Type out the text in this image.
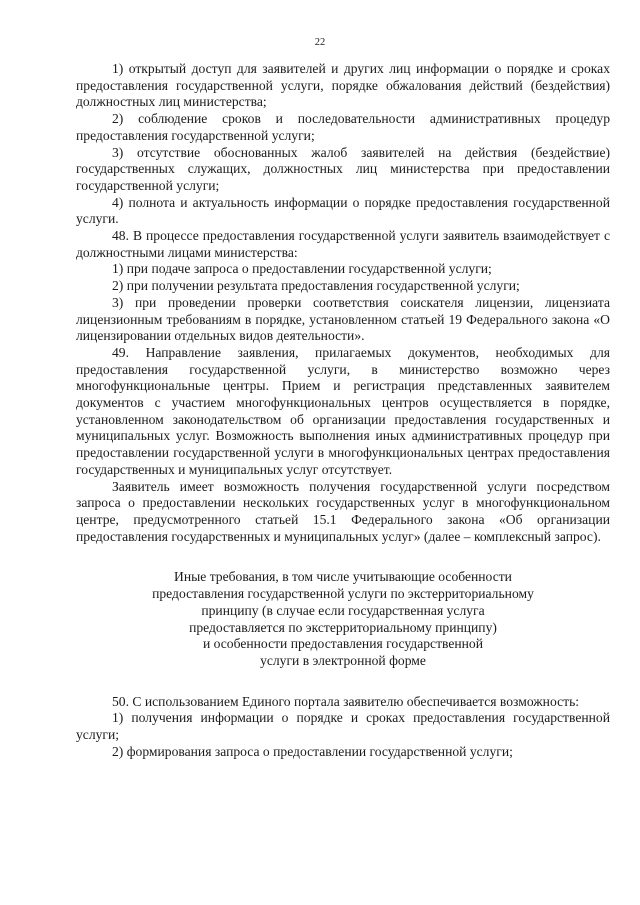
22

1) открытый доступ для заявителей и других лиц информации о порядке и сроках предоставления государственной услуги, порядке обжалования действий (бездействия) должностных лиц министерства;

2) соблюдение сроков и последовательности административных процедур предоставления государственной услуги;

3) отсутствие обоснованных жалоб заявителей на действия (бездействие) государственных служащих, должностных лиц министерства при предоставлении государственной услуги;

4) полнота и актуальность информации о порядке предоставления государственной услуги.

48. В процессе предоставления государственной услуги заявитель взаимодействует с должностными лицами министерства:

1) при подаче запроса о предоставлении государственной услуги;

2) при получении результата предоставления государственной услуги;

3) при проведении проверки соответствия соискателя лицензии, лицензиата лицензионным требованиям в порядке, установленном статьей 19 Федерального закона «О лицензировании отдельных видов деятельности».

49. Направление заявления, прилагаемых документов, необходимых для предоставления государственной услуги, в министерство возможно через многофункциональные центры. Прием и регистрация представленных заявителем документов с участием многофункциональных центров осуществляется в порядке, установленном законодательством об организации предоставления государственных и муниципальных услуг. Возможность выполнения иных административных процедур при предоставлении государственной услуги в многофункциональных центрах предоставления государственных и муниципальных услуг отсутствует.

Заявитель имеет возможность получения государственной услуги посредством запроса о предоставлении нескольких государственных услуг в многофункциональном центре, предусмотренного статьей 15.1 Федерального закона «Об организации предоставления государственных и муниципальных услуг» (далее – комплексный запрос).

Иные требования, в том числе учитывающие особенности
предоставления государственной услуги по экстерриториальному
принципу (в случае если государственная услуга
предоставляется по экстерриториальному принципу)
и особенности предоставления государственной
услуги в электронной форме

50. С использованием Единого портала заявителю обеспечивается возможность:

1) получения информации о порядке и сроках предоставления государственной услуги;

2) формирования запроса о предоставлении государственной услуги;
